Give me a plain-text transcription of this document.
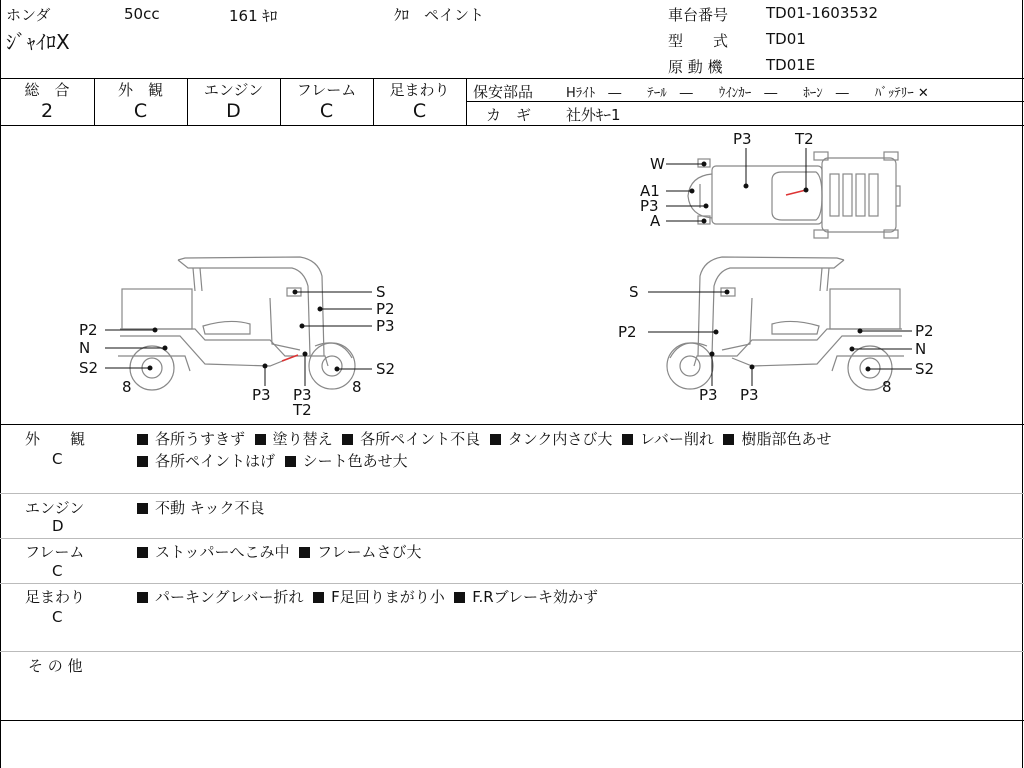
ホンダ	50cc	161 ｷﾛ	ｸﾛ　ペイント
ｼﾞｬｲﾛX
車台番号	TD01-1603532
型　　式	TD01
原 動 機	TD01E
総　合
2
外　観
C
エンジン
D
フレーム
C
足まわり
C
保安部品	Hﾗｲﾄ　―　　ﾃｰﾙ　―　　ｳｲﾝｶｰ　―　　ﾎｰﾝ　―　　ﾊﾞｯﾃﾘｰ ✕
カ　ギ 社外ｷｰ1
S
P2
P3
P2
N
S2	S2
8	8
P3 P3
T2
S
P2	P2
N
S2
8
P3 P3
W
A1
P3
A
P3	T2
外　　観
C
各所うすきず 塗り替え 各所ペイント不良 タンク内さび大 レバー削れ 樹脂部色あせ
各所ペイントはげ シート色あせ大
エンジン
D
不動 キック不良
フレーム
C
ストッパーへこみ中 フレームさび大
足まわり
C
パーキングレバー折れ F足回りまがり小 F.Rブレーキ効かず
そ の 他
